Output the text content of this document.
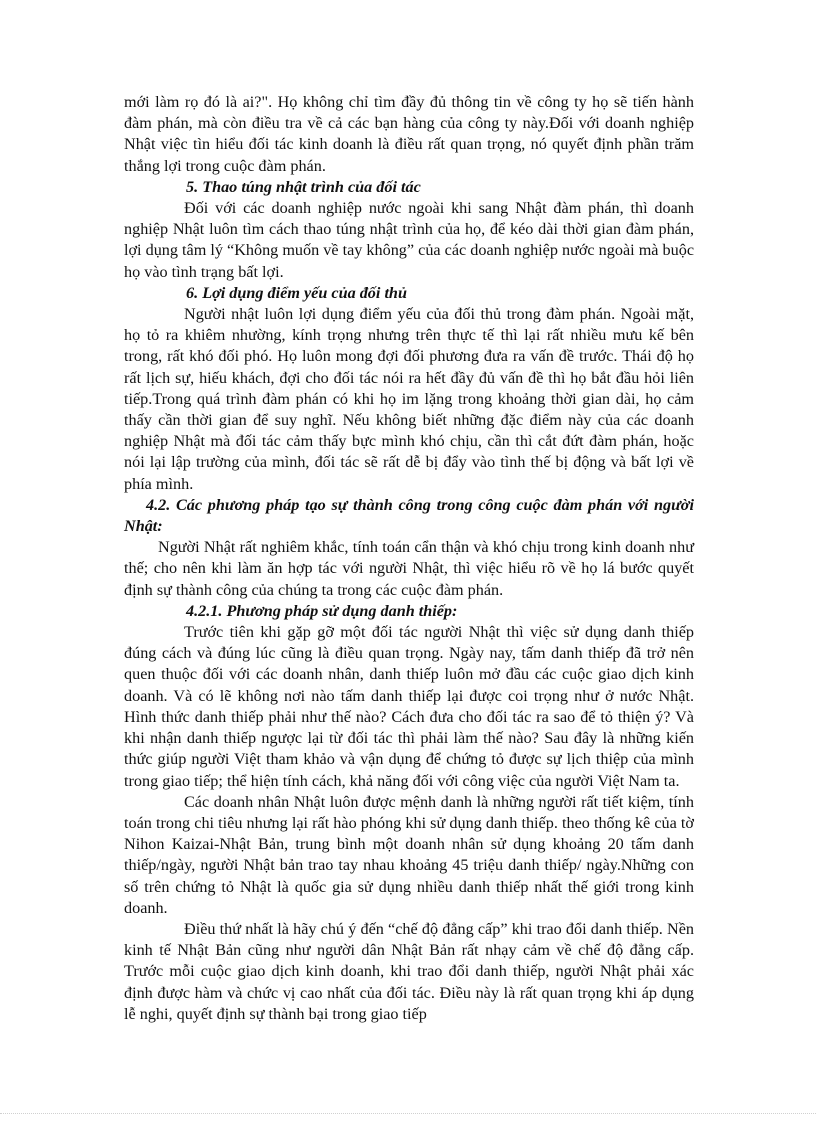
mới làm rọ đó là ai?". Họ không chỉ tìm đầy đủ thông tin về công ty họ sẽ tiến hành đàm phán, mà còn điều tra về cả các bạn hàng của công ty này.Đối với doanh nghiệp Nhật việc tìn hiểu đối tác kinh doanh là điều rất quan trọng, nó quyết định phần trăm thắng lợi trong cuộc đàm phán.

5. Thao túng nhật trình của đối tác

Đối với các doanh nghiệp nước ngoài khi sang Nhật đàm phán, thì doanh nghiệp Nhật luôn tìm cách thao túng nhật trình của họ, để kéo dài thời gian đàm phán, lợi dụng tâm lý “Không muốn về tay không” của các doanh nghiệp nước ngoài mà buộc họ vào tình trạng bất lợi.

6. Lợi dụng điểm yếu của đối thủ

Người nhật luôn lợi dụng điểm yếu của đối thủ trong đàm phán. Ngoài mặt, họ tỏ ra khiêm nhường, kính trọng nhưng trên thực tế thì lại rất nhiều mưu kế bên trong, rất khó đối phó. Họ luôn mong đợi đối phương đưa ra vấn đề trước. Thái độ họ rất lịch sự, hiếu khách, đợi cho đối tác nói ra hết đầy đủ vấn đề thì họ bắt đầu hỏi liên tiếp.Trong quá trình đàm phán có khi họ im lặng trong khoảng thời gian dài, họ cảm thấy cần thời gian để suy nghĩ. Nếu không biết những đặc điểm này của các doanh nghiệp Nhật mà đối tác cảm thấy bực mình khó chịu, cần thì cắt đứt đàm phán, hoặc nói lại lập trường của mình, đối tác sẽ rất dễ bị đẩy vào tình thế bị động và bất lợi về phía mình.

4.2. Các phương pháp tạo sự thành công trong công cuộc đàm phán với người Nhật:

Người Nhật rất nghiêm khắc, tính toán cẩn thận và khó chịu trong kinh doanh như thế; cho nên khi làm ăn hợp tác với người Nhật, thì việc hiểu rõ về họ lá bước quyết định sự thành công của chúng ta trong các cuộc đàm phán.

4.2.1. Phương pháp sử dụng danh thiếp:

Trước tiên khi gặp gỡ một đối tác người Nhật thì việc sử dụng danh thiếp đúng cách và đúng lúc cũng là điều quan trọng. Ngày nay, tấm danh thiếp đã trở nên quen thuộc đối với các doanh nhân, danh thiếp luôn mở đầu các cuộc giao dịch kinh doanh. Và có lẽ không nơi nào tấm danh thiếp lại được coi trọng như ở nước Nhật. Hình thức danh thiếp phải như thế nào? Cách đưa cho đối tác ra sao để tỏ thiện ý? Và khi nhận danh thiếp ngược lại từ đối tác thì phải làm thế nào? Sau đây là những kiến thức giúp người Việt tham khảo và vận dụng để chứng tỏ được sự lịch thiệp của mình trong giao tiếp; thể hiện tính cách, khả năng đối với công việc của người Việt Nam ta.

Các doanh nhân Nhật luôn được mệnh danh là những người rất tiết kiệm, tính toán trong chi tiêu nhưng lại rất hào phóng khi sử dụng danh thiếp. theo thống kê của tờ Nihon Kaizai-Nhật Bản, trung bình một doanh nhân sử dụng khoảng 20 tấm danh thiếp/ngày, người Nhật bản trao tay nhau khoảng 45 triệu danh thiếp/ ngày.Những con số trên chứng tỏ Nhật là quốc gia sử dụng nhiều danh thiếp nhất thế giới trong kinh doanh.

Điều thứ nhất là hãy chú ý đến “chế độ đẳng cấp” khi trao đổi danh thiếp. Nền kinh tế Nhật Bản cũng như người dân Nhật Bản rất nhạy cảm về chế độ đẳng cấp. Trước mỗi cuộc giao dịch kinh doanh, khi trao đổi danh thiếp, người Nhật phải xác định được hàm và chức vị cao nhất của đối tác. Điều này là rất quan trọng khi áp dụng lễ nghi, quyết định sự thành bại trong giao tiếp
